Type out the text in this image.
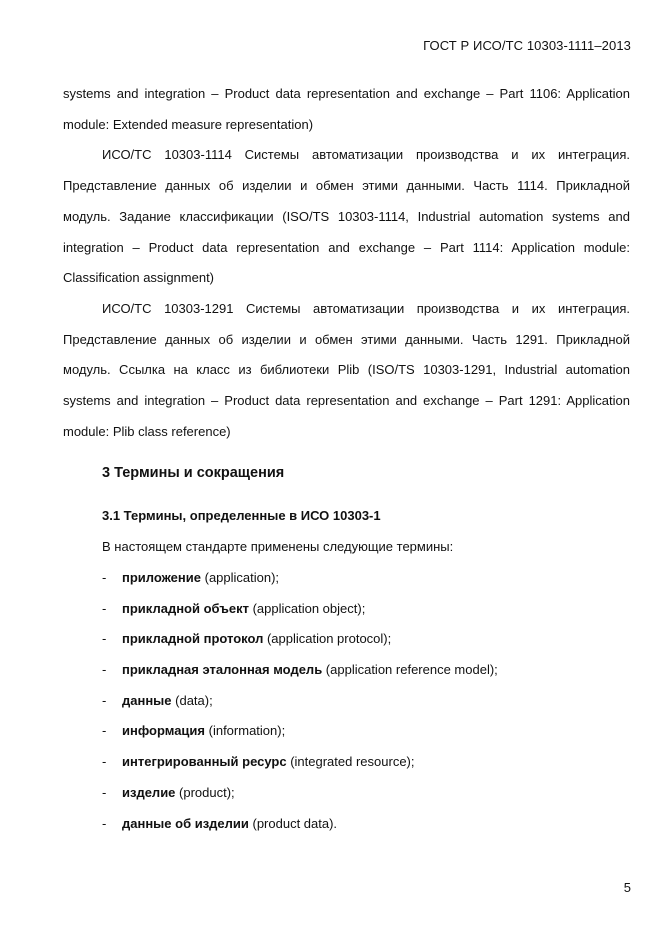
ГОСТ Р ИСО/ТС 10303-1111–2013

systems and integration – Product data representation and exchange – Part 1106: Application module: Extended measure representation)

ИСО/ТС 10303-1114 Системы автоматизации производства и их интеграция. Представление данных об изделии и обмен этими данными. Часть 1114. Прикладной модуль. Задание классификации (ISO/TS 10303-1114, Industrial automation systems and integration – Product data representation and exchange – Part 1114: Application module: Classification assignment)

ИСО/ТС 10303-1291 Системы автоматизации производства и их интеграция. Представление данных об изделии и обмен этими данными. Часть 1291. Прикладной модуль. Ссылка на класс из библиотеки Plib (ISO/TS 10303-1291, Industrial automation systems and integration – Product data representation and exchange – Part 1291: Application module: Plib class reference)

3 Термины и сокращения
3.1 Термины, определенные в ИСО 10303-1
В настоящем стандарте применены следующие термины:
-	приложение (application);
-	прикладной объект (application object);
-	прикладной протокол (application protocol);
-	прикладная эталонная модель (application reference model);
-	данные (data);
-	информация (information);
-	интегрированный ресурс (integrated resource);
-	изделие (product);
-	данные об изделии (product data).
5
